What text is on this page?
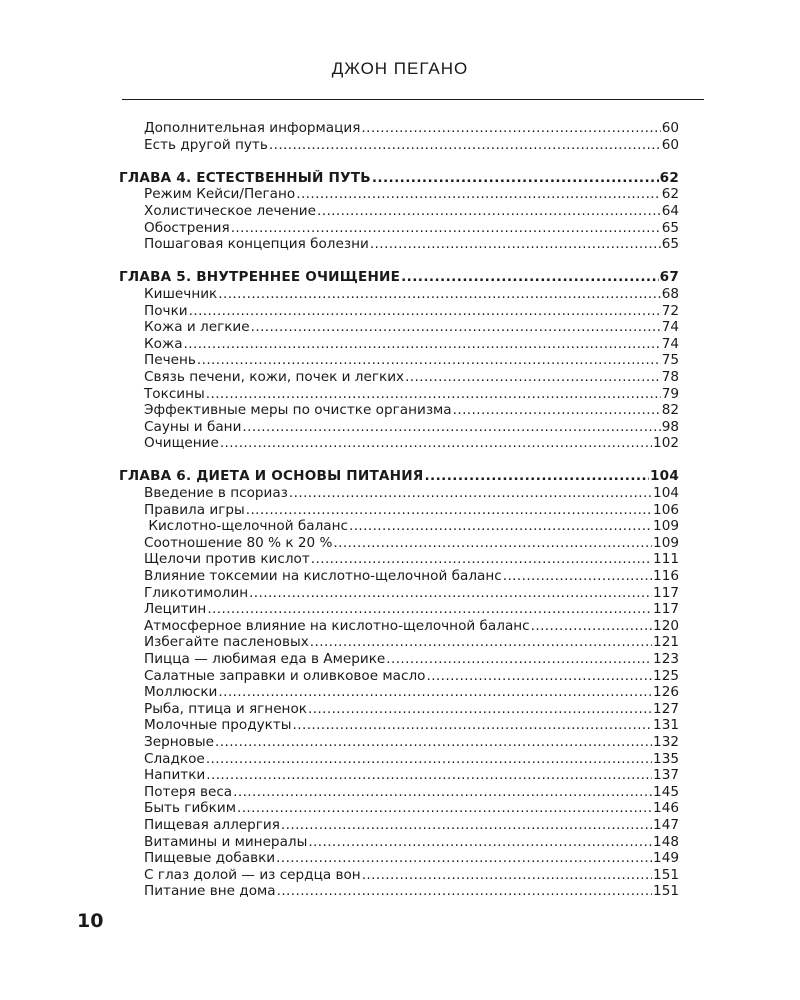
ДЖОН ПЕГАНО
Дополнительная информация .....	60
Есть другой путь .....	60
ГЛАВА 4. ЕСТЕСТВЕННЫЙ ПУТЬ .....	62
Режим Кейси/Пегано .....	62
Холистическое лечение .....	64
Обострения .....	65
Пошаговая концепция болезни .....	65
ГЛАВА 5. ВНУТРЕННЕЕ ОЧИЩЕНИЕ .....	67
Кишечник .....	68
Почки .....	72
Кожа и легкие .....	74
Кожа .....	74
Печень .....	75
Связь печени, кожи, почек и легких .....	78
Токсины .....	79
Эффективные меры по очистке организма .....	82
Сауны и бани .....	98
Очищение .....	102
ГЛАВА 6. ДИЕТА И ОСНОВЫ ПИТАНИЯ .....	104
Введение в псориаз .....	104
Правила игры .....	106
Кислотно-щелочной баланс .....	109
Соотношение 80 % к 20 % .....	109
Щелочи против кислот .....	111
Влияние токсемии на кислотно-щелочной баланс .....	116
Гликотимолин .....	117
Лецитин .....	117
Атмосферное влияние на кислотно-щелочной баланс .....	120
Избегайте пасленовых .....	121
Пицца — любимая еда в Америке .....	123
Салатные заправки и оливковое масло .....	125
Моллюски .....	126
Рыба, птица и ягненок .....	127
Молочные продукты .....	131
Зерновые .....	132
Сладкое .....	135
Напитки .....	137
Потеря веса .....	145
Быть гибким .....	146
Пищевая аллергия .....	147
Витамины и минералы .....	148
Пищевые добавки .....	149
С глаз долой — из сердца вон .....	151
Питание вне дома .....	151
10
